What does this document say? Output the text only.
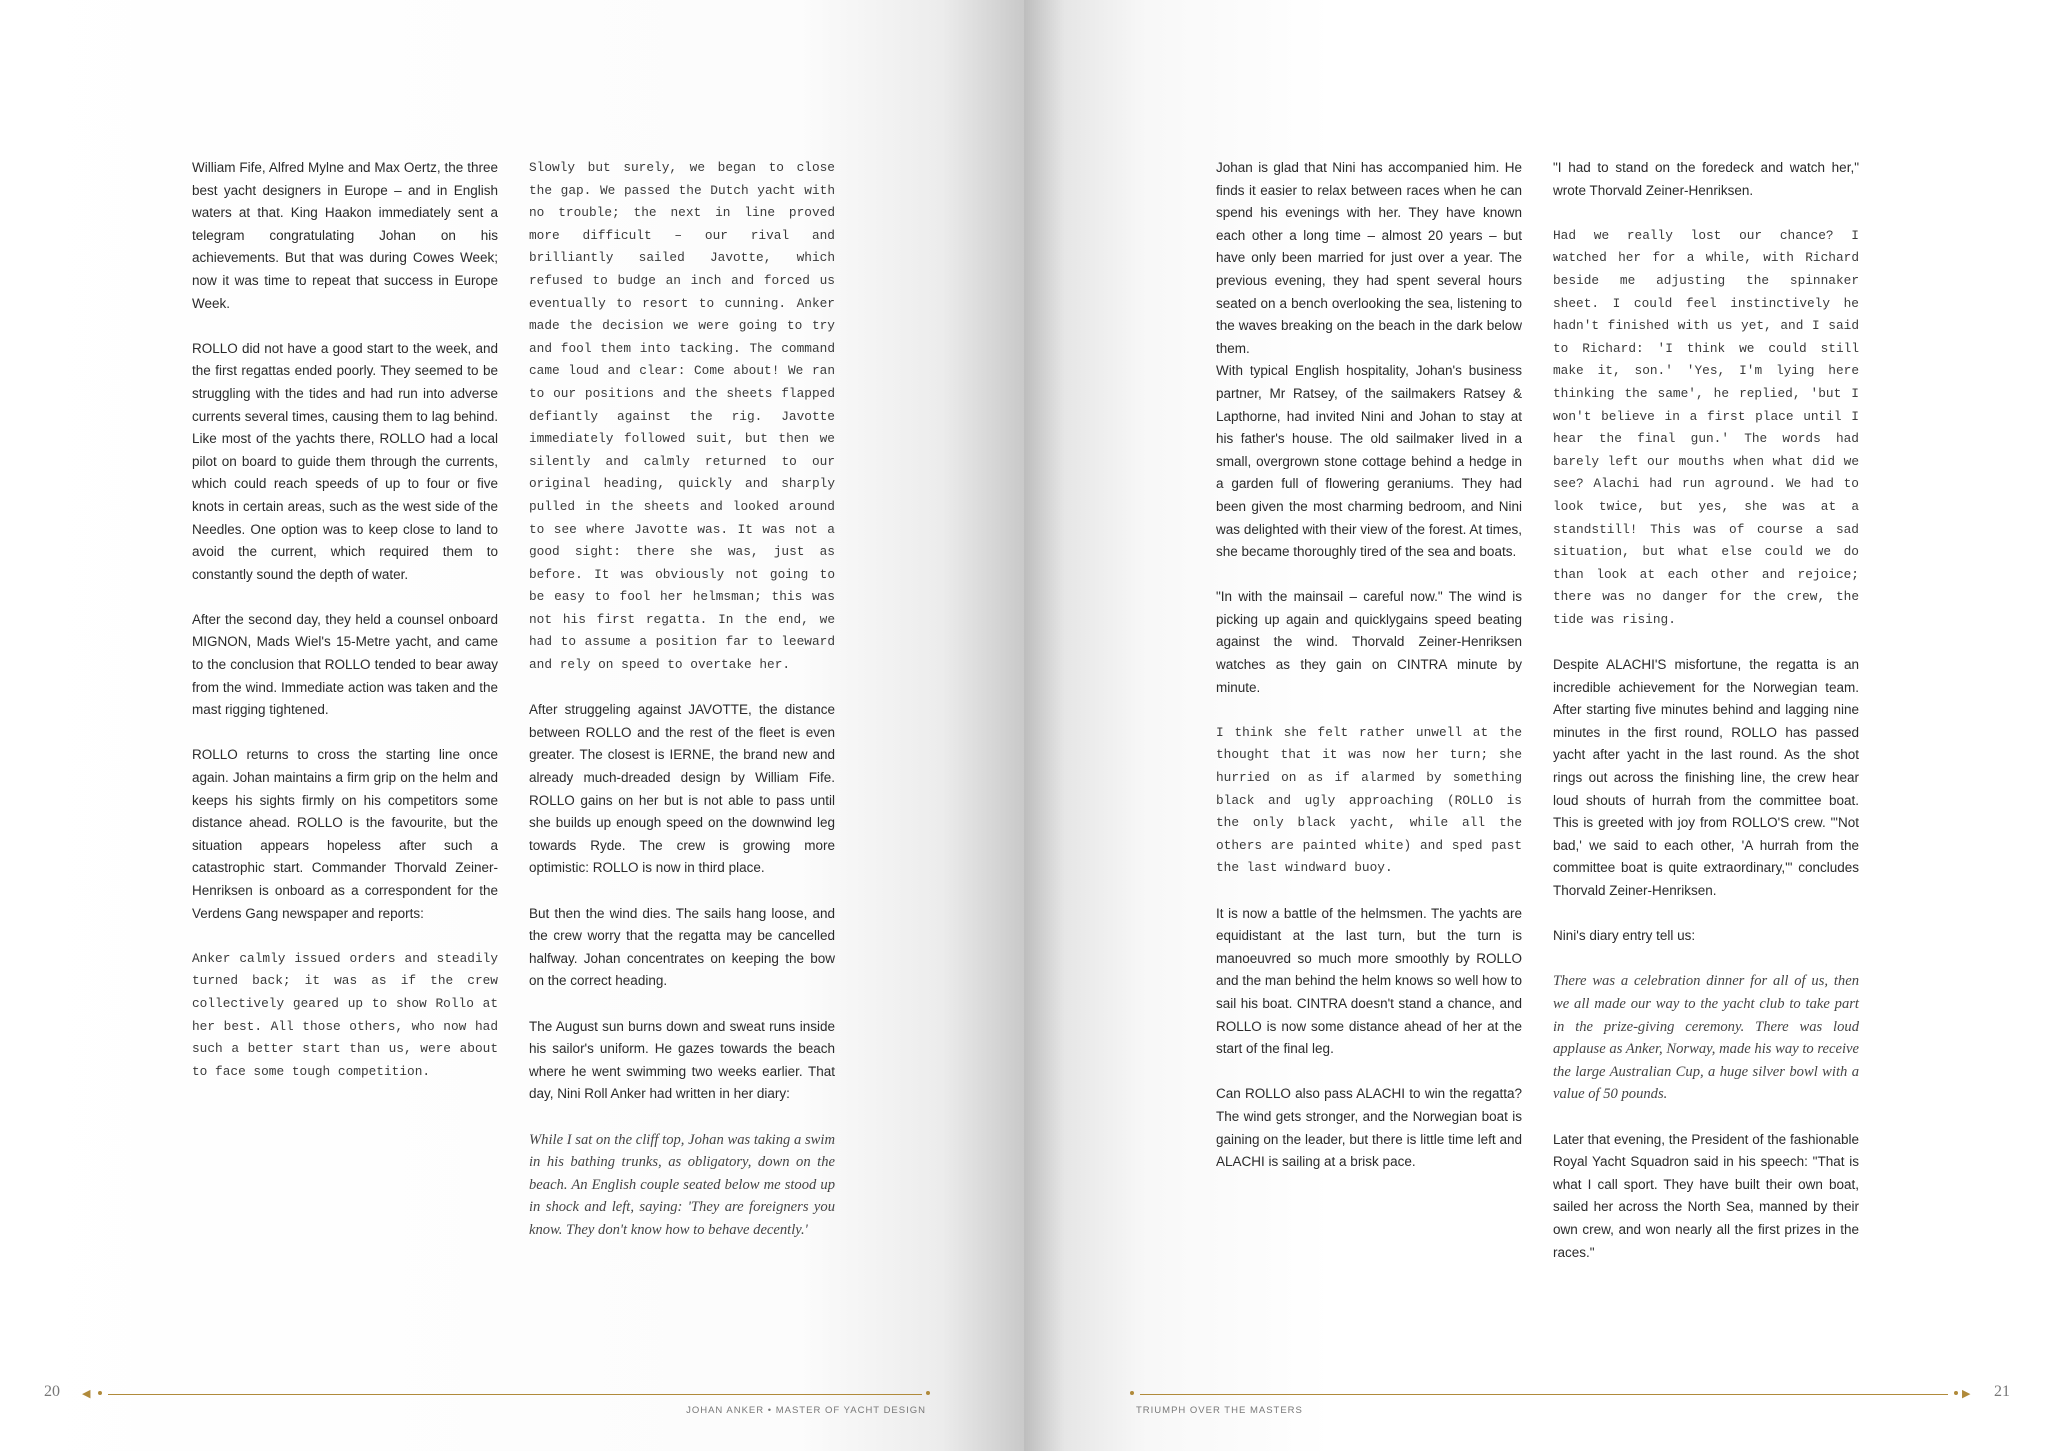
William Fife, Alfred Mylne and Max Oertz, the three best yacht designers in Europe – and in English waters at that. King Haakon immediately sent a telegram congratulating Johan on his achievements. But that was during Cowes Week; now it was time to repeat that success in Europe Week.

ROLLO did not have a good start to the week, and the first regattas ended poorly. They seemed to be struggling with the tides and had run into adverse currents several times, causing them to lag behind. Like most of the yachts there, ROLLO had a local pilot on board to guide them through the currents, which could reach speeds of up to four or five knots in certain areas, such as the west side of the Needles. One option was to keep close to land to avoid the current, which required them to constantly sound the depth of water.

After the second day, they held a counsel onboard MIGNON, Mads Wiel's 15-Metre yacht, and came to the conclusion that ROLLO tended to bear away from the wind. Immediate action was taken and the mast rigging tightened.

ROLLO returns to cross the starting line once again. Johan maintains a firm grip on the helm and keeps his sights firmly on his competitors some distance ahead. ROLLO is the favourite, but the situation appears hopeless after such a catastrophic start. Commander Thorvald Zeiner-Henriksen is onboard as a correspondent for the Verdens Gang newspaper and reports:

Anker calmly issued orders and steadily turned back; it was as if the crew collectively geared up to show Rollo at her best. All those others, who now had such a better start than us, were about to face some tough competition.

Slowly but surely, we began to close the gap. We passed the Dutch yacht with no trouble; the next in line proved more difficult – our rival and brilliantly sailed Javotte, which refused to budge an inch and forced us eventually to resort to cunning. Anker made the decision we were going to try and fool them into tacking. The command came loud and clear: Come about! We ran to our positions and the sheets flapped defiantly against the rig. Javotte immediately followed suit, but then we silently and calmly returned to our original heading, quickly and sharply pulled in the sheets and looked around to see where Javotte was. It was not a good sight: there she was, just as before. It was obviously not going to be easy to fool her helmsman; this was not his first regatta. In the end, we had to assume a position far to leeward and rely on speed to overtake her.

After struggeling against JAVOTTE, the distance between ROLLO and the rest of the fleet is even greater. The closest is IERNE, the brand new and already much-dreaded design by William Fife. ROLLO gains on her but is not able to pass until she builds up enough speed on the downwind leg towards Ryde. The crew is growing more optimistic: ROLLO is now in third place.

But then the wind dies. The sails hang loose, and the crew worry that the regatta may be cancelled halfway. Johan concentrates on keeping the bow on the correct heading.

The August sun burns down and sweat runs inside his sailor's uniform. He gazes towards the beach where he went swimming two weeks earlier. That day, Nini Roll Anker had written in her diary:

While I sat on the cliff top, Johan was taking a swim in his bathing trunks, as obligatory, down on the beach. An English couple seated below me stood up in shock and left, saying: 'They are foreigners you know. They don't know how to behave decently.'

20 ◀
JOHAN ANKER • MASTER OF YACHT DESIGN

Johan is glad that Nini has accompanied him. He finds it easier to relax between races when he can spend his evenings with her. They have known each other a long time – almost 20 years – but have only been married for just over a year. The previous evening, they had spent several hours seated on a bench overlooking the sea, listening to the waves breaking on the beach in the dark below them.

With typical English hospitality, Johan's business partner, Mr Ratsey, of the sailmakers Ratsey & Lapthorne, had invited Nini and Johan to stay at his father's house. The old sailmaker lived in a small, overgrown stone cottage behind a hedge in a garden full of flowering geraniums. They had been given the most charming bedroom, and Nini was delighted with their view of the forest. At times, she became thoroughly tired of the sea and boats.

"In with the mainsail – careful now." The wind is picking up again and quicklygains speed beating against the wind. Thorvald Zeiner-Henriksen watches as they gain on CINTRA minute by minute.

I think she felt rather unwell at the thought that it was now her turn; she hurried on as if alarmed by something black and ugly approaching (ROLLO is the only black yacht, while all the others are painted white) and sped past the last windward buoy.

It is now a battle of the helmsmen. The yachts are equidistant at the last turn, but the turn is manoeuvred so much more smoothly by ROLLO and the man behind the helm knows so well how to sail his boat. CINTRA doesn't stand a chance, and ROLLO is now some distance ahead of her at the start of the final leg.

Can ROLLO also pass ALACHI to win the regatta? The wind gets stronger, and the Norwegian boat is gaining on the leader, but there is little time left and ALACHI is sailing at a brisk pace.

"I had to stand on the foredeck and watch her," wrote Thorvald Zeiner-Henriksen.

Had we really lost our chance? I watched her for a while, with Richard beside me adjusting the spinnaker sheet. I could feel instinctively he hadn't finished with us yet, and I said to Richard: 'I think we could still make it, son.' 'Yes, I'm lying here thinking the same', he replied, 'but I won't believe in a first place until I hear the final gun.' The words had barely left our mouths when what did we see? Alachi had run aground. We had to look twice, but yes, she was at a standstill! This was of course a sad situation, but what else could we do than look at each other and rejoice; there was no danger for the crew, the tide was rising.

Despite ALACHI'S misfortune, the regatta is an incredible achievement for the Norwegian team. After starting five minutes behind and lagging nine minutes in the first round, ROLLO has passed yacht after yacht in the last round. As the shot rings out across the finishing line, the crew hear loud shouts of hurrah from the committee boat. This is greeted with joy from ROLLO'S crew. "'Not bad,' we said to each other, 'A hurrah from the committee boat is quite extraordinary,'" concludes Thorvald Zeiner-Henriksen.

Nini's diary entry tell us:

There was a celebration dinner for all of us, then we all made our way to the yacht club to take part in the prize-giving ceremony. There was loud applause as Anker, Norway, made his way to receive the large Australian Cup, a huge silver bowl with a value of 50 pounds.

Later that evening, the President of the fashionable Royal Yacht Squadron said in his speech: "That is what I call sport. They have built their own boat, sailed her across the North Sea, manned by their own crew, and won nearly all the first prizes in the races."

▶ 21
TRIUMPH OVER THE MASTERS
